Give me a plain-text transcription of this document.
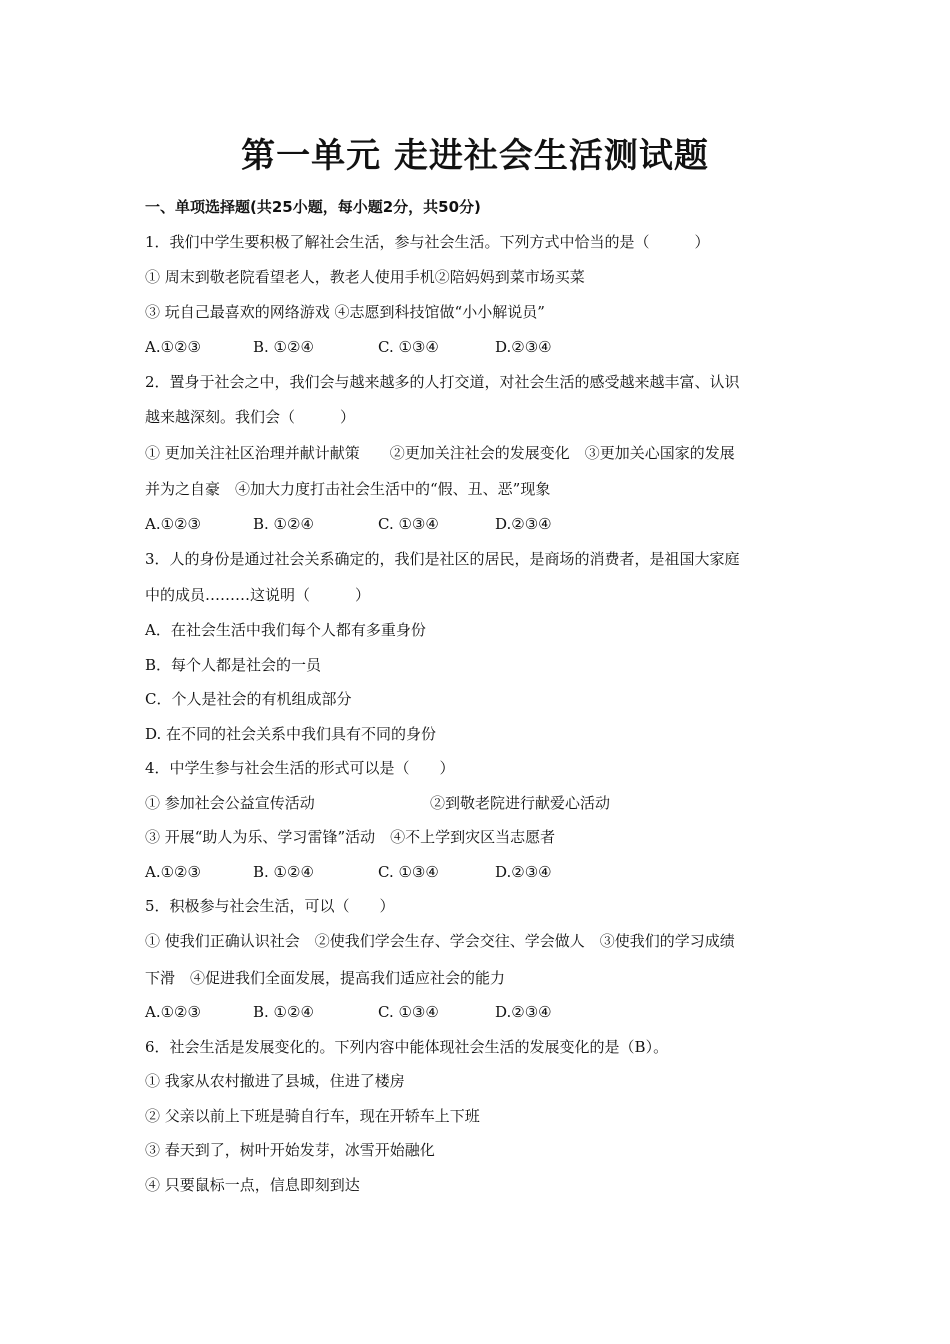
第一单元 走进社会生活测试题
一、单项选择题(共25小题，每小题2分，共50分)
1．我们中学生要积极了解社会生活，参与社会生活。下列方式中恰当的是（　　　）
① 周末到敬老院看望老人，教老人使用手机②陪妈妈到菜市场买菜
③ 玩自己最喜欢的网络游戏 ④志愿到科技馆做“小小解说员”
A.①②③	B. ①②④	C. ①③④	D.②③④
2．置身于社会之中，我们会与越来越多的人打交道，对社会生活的感受越来越丰富、认识
越来越深刻。我们会（　　　）
① 更加关注社区治理并献计献策　　②更加关注社会的发展变化　③更加关心国家的发展
并为之自豪　④加大力度打击社会生活中的“假、丑、恶”现象
A.①②③	B. ①②④	C. ①③④	D.②③④
3．人的身份是通过社会关系确定的，我们是社区的居民，是商场的消费者，是祖国大家庭
中的成员………这说明（　　　）
A．在社会生活中我们每个人都有多重身份
B．每个人都是社会的一员
C．个人是社会的有机组成部分
D. 在不同的社会关系中我们具有不同的身份
4．中学生参与社会生活的形式可以是（　　）
① 参加社会公益宣传活动	②到敬老院进行献爱心活动
③ 开展“助人为乐、学习雷锋”活动　④不上学到灾区当志愿者
A.①②③	B. ①②④	C. ①③④	D.②③④
5．积极参与社会生活，可以（　　）
① 使我们正确认识社会　②使我们学会生存、学会交往、学会做人　③使我们的学习成绩
下滑　④促进我们全面发展，提高我们适应社会的能力
A.①②③	B. ①②④	C. ①③④	D.②③④
6．社会生活是发展变化的。下列内容中能体现社会生活的发展变化的是（B）。
① 我家从农村撤进了县城，住进了楼房
② 父亲以前上下班是骑自行车，现在开轿车上下班
③ 春天到了，树叶开始发芽，冰雪开始融化
④ 只要鼠标一点，信息即刻到达
